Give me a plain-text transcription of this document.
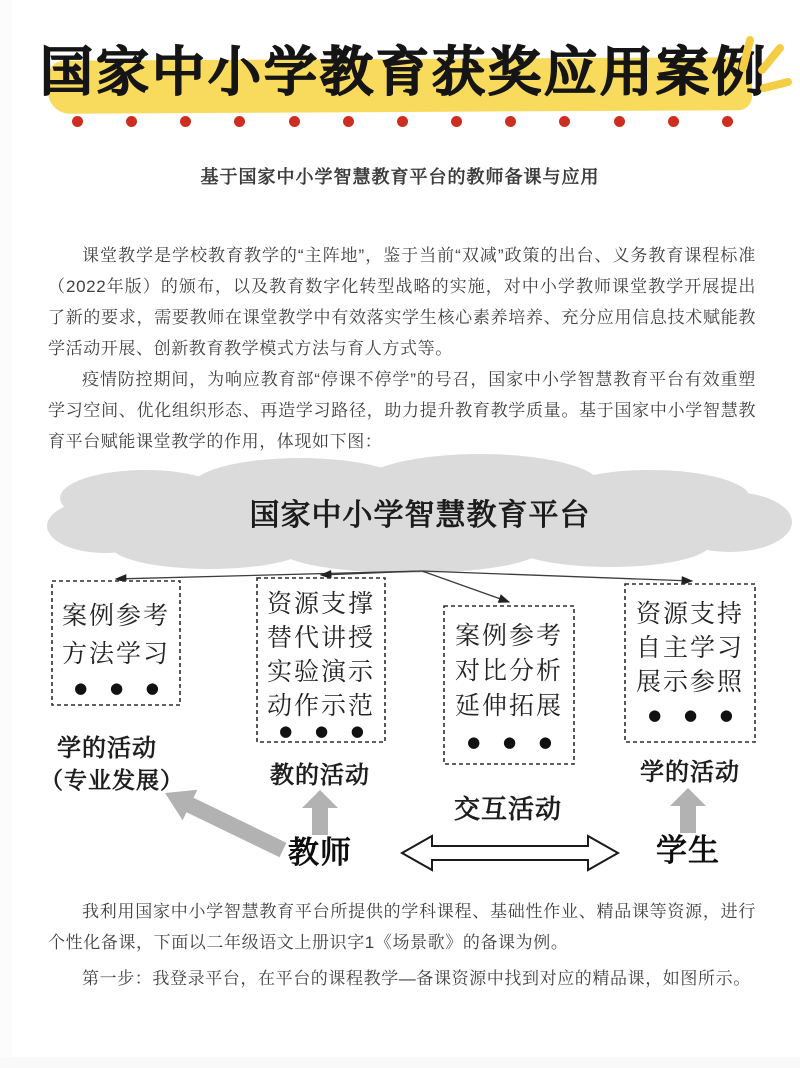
国家中小学教育获奖应用案例
基于国家中小学智慧教育平台的教师备课与应用

课堂教学是学校教育教学的“主阵地”，鉴于当前“双减”政策的出台、义务教育课程标准（2022年版）的颁布，以及教育数字化转型战略的实施，对中小学教师课堂教学开展提出了新的要求，需要教师在课堂教学中有效落实学生核心素养培养、充分应用信息技术赋能教学活动开展、创新教育教学模式方法与育人方式等。

疫情防控期间，为响应教育部“停课不停学”的号召，国家中小学智慧教育平台有效重塑学习空间、优化组织形态、再造学习路径，助力提升教育教学质量。基于国家中小学智慧教育平台赋能课堂教学的作用，体现如下图：

国家中小学智慧教育平台
案例参考
方法学习
● ● ●
资源支撑
替代讲授
实验演示
动作示范
● ● ●
案例参考
对比分析
延伸拓展
● ● ●
资源支持
自主学习
展示参照
● ● ●
学的活动
（专业发展）	教的活动
交互活动
学的活动
教师	学生

我利用国家中小学智慧教育平台所提供的学科课程、基础性作业、精品课等资源，进行个性化备课，下面以二年级语文上册识字1《场景歌》的备课为例。

第一步：我登录平台，在平台的课程教学—备课资源中找到对应的精品课，如图所示。
